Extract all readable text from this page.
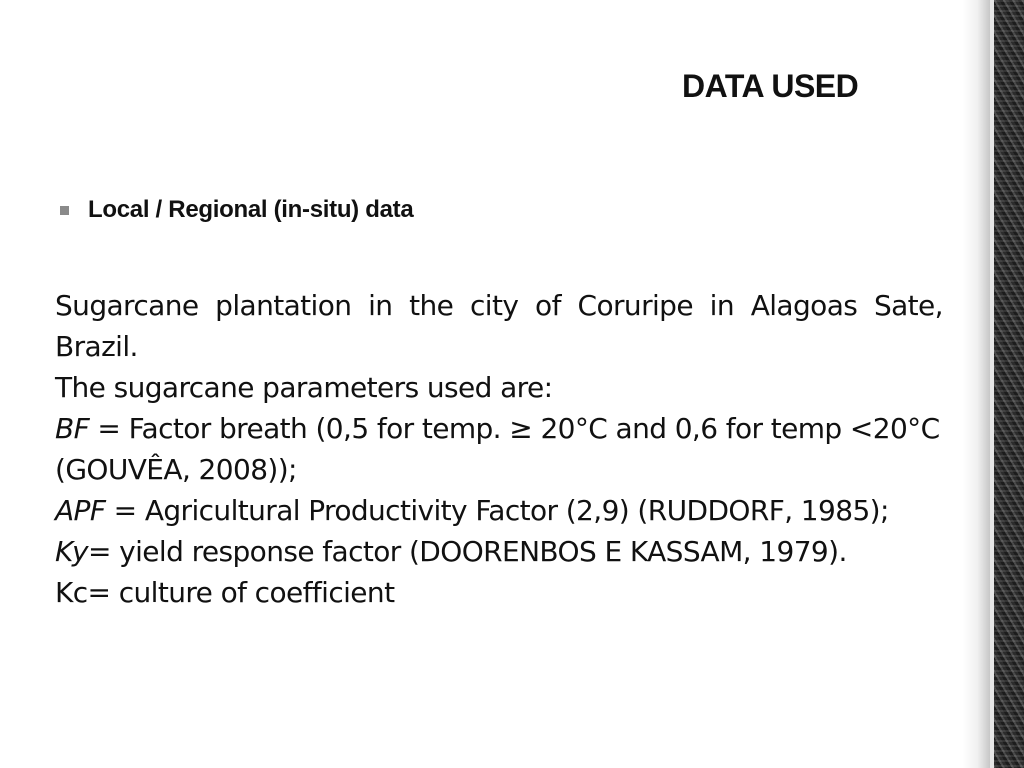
DATA USED
Local / Regional (in-situ) data

Sugarcane plantation in the city of Coruripe in Alagoas Sate, Brazil.

The sugarcane parameters used are:

BF = Factor breath (0,5 for temp. ≥ 20°C and 0,6 for temp <20°C (GOUVÊA, 2008));

APF = Agricultural Productivity Factor (2,9) (RUDDORF, 1985);

Ky= yield response factor (DOORENBOS E KASSAM, 1979).

Kc= culture of coefficient
